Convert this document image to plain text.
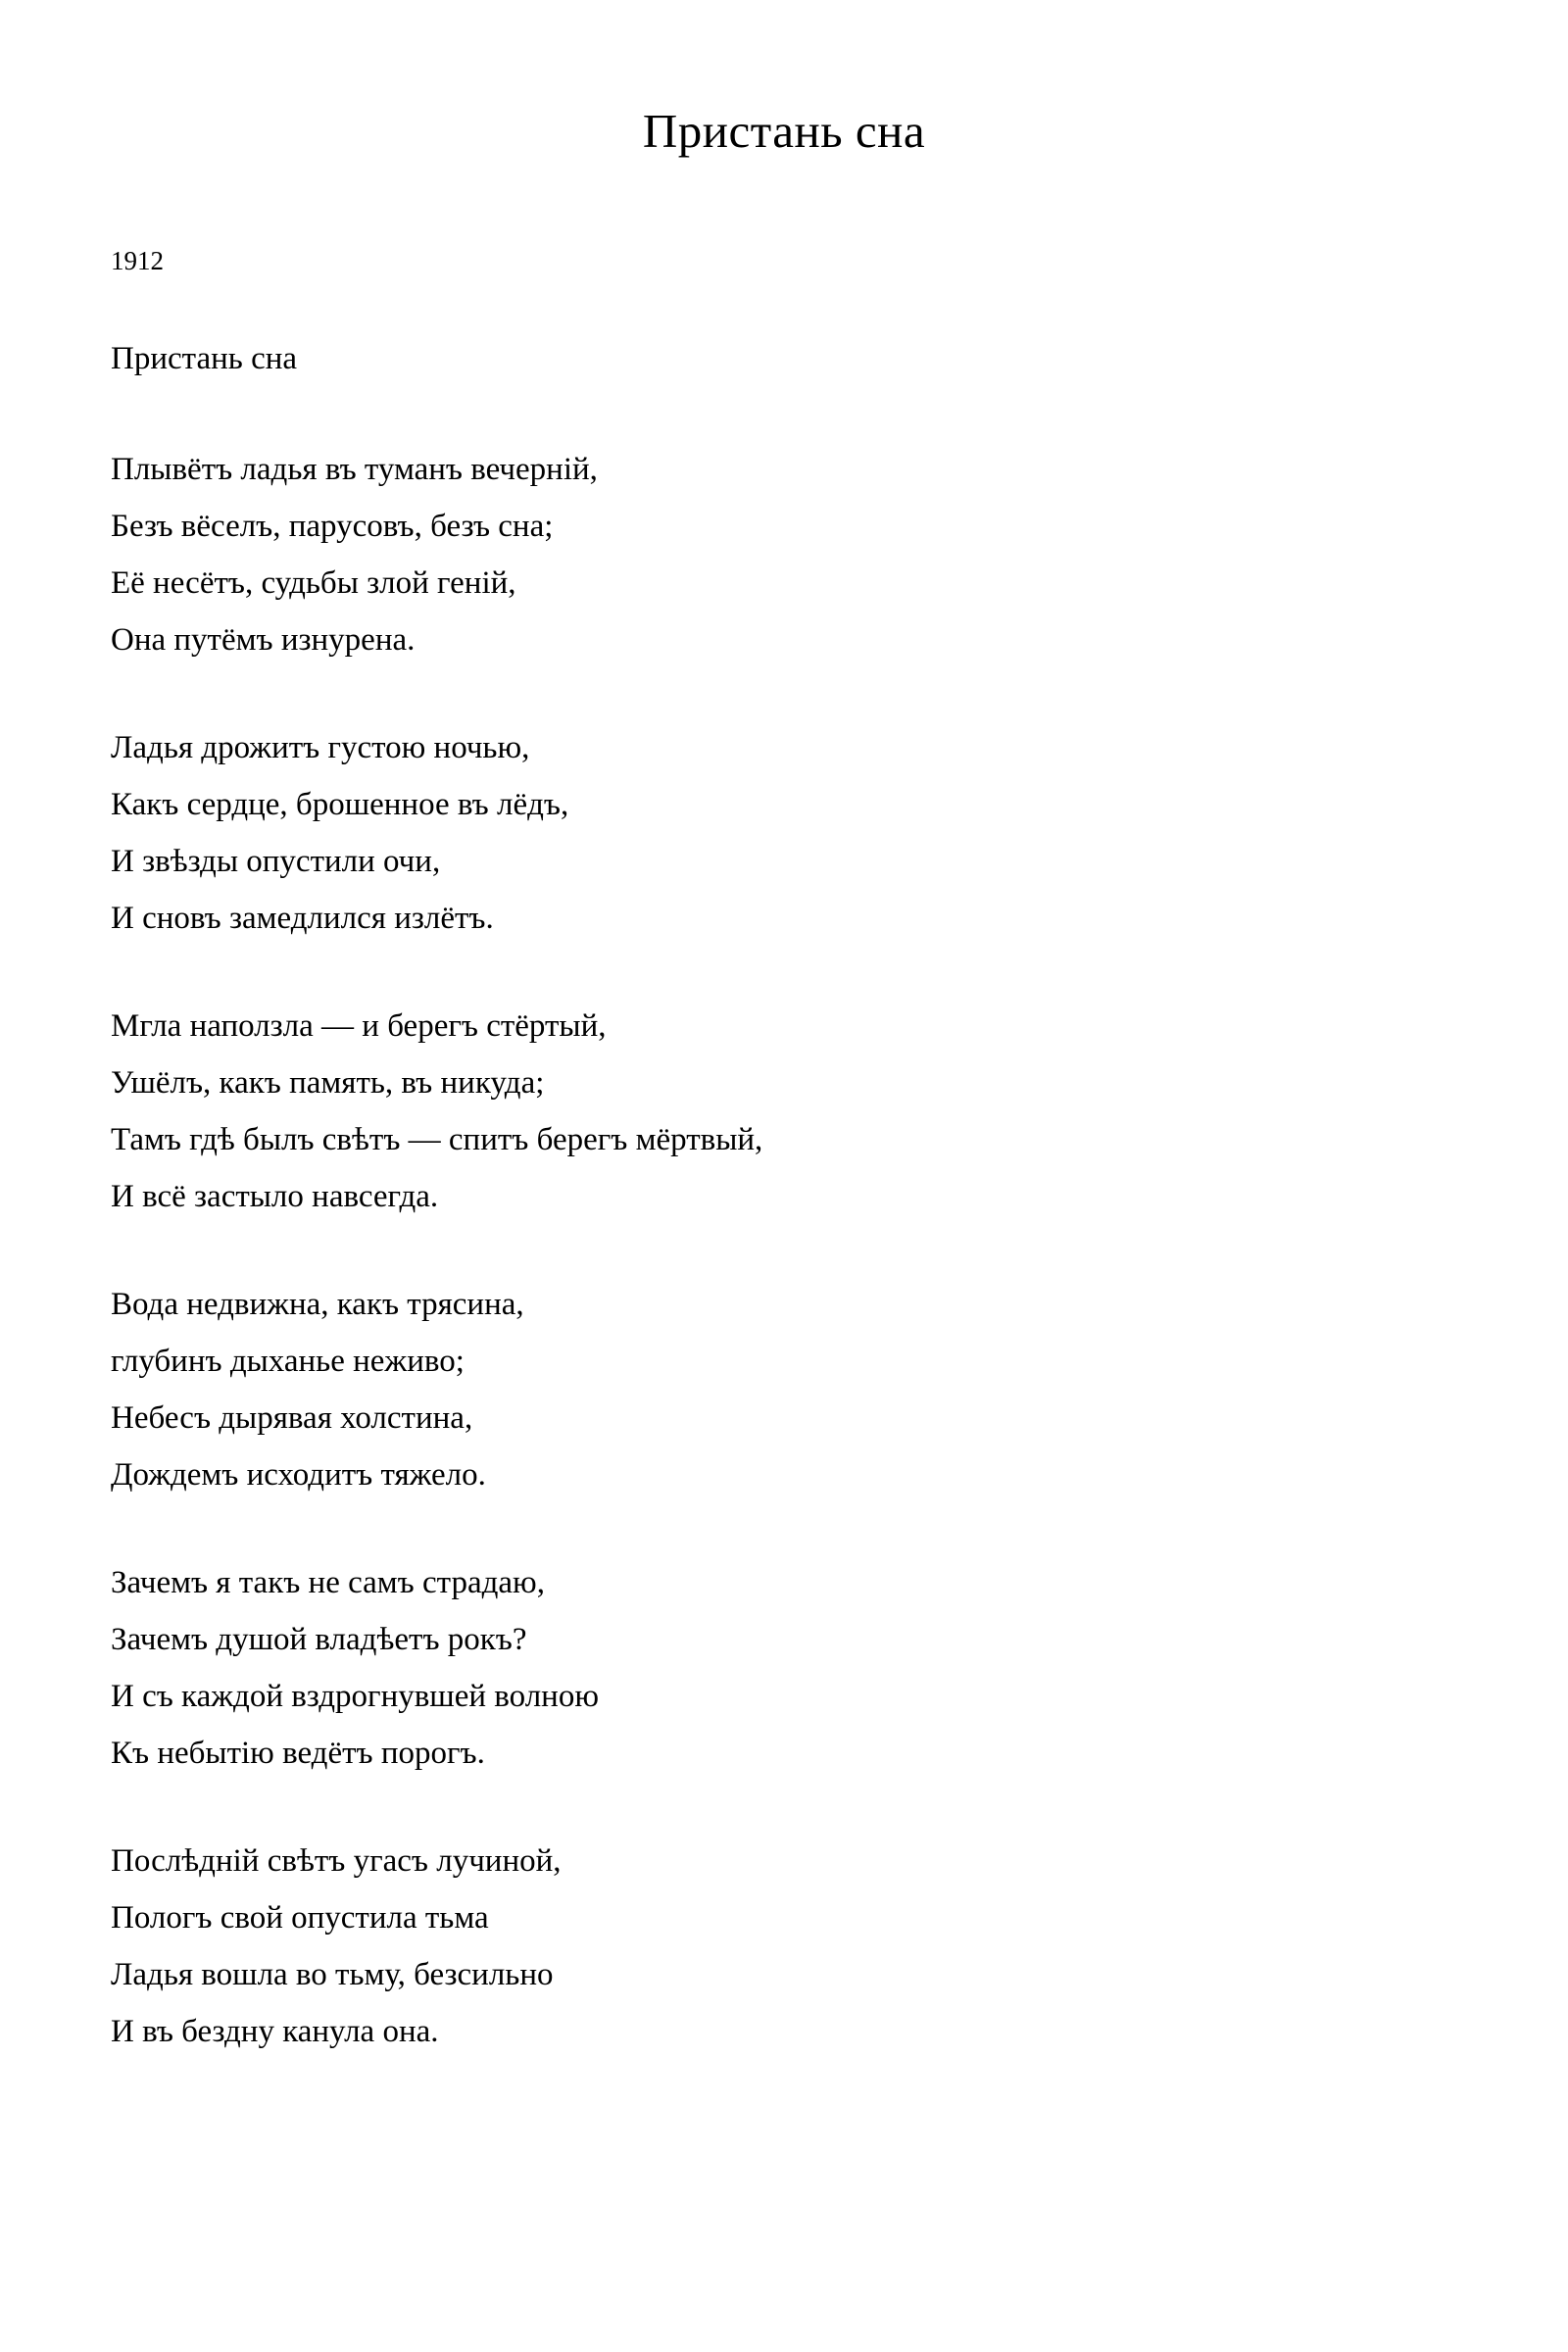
Пристань сна

1912

Пристань сна

Плывётъ ладья въ туманъ вечерній,

Безъ вёселъ, парусовъ, безъ сна;

Её несётъ, судьбы злой геній,

Она путёмъ изнурена.

Ладья дрожитъ густою ночью,

Какъ сердце, брошенное въ лёдъ,

И звѣзды опустили очи,

И сновъ замедлился излётъ.

Мгла наползла — и берегъ стёртый,

Ушёлъ, какъ память, въ никуда;

Тамъ гдѣ былъ свѣтъ — спитъ берегъ мёртвый,

И всё застыло навсегда.

Вода недвижна, какъ трясина,

глубинъ дыханье неживо;

Небесъ дырявая холстина,

Дождемъ исходитъ тяжело.

Зачемъ я такъ не самъ страдаю,

Зачемъ душой владѣетъ рокъ?

И съ каждой вздрогнувшей волною

Къ небытію ведётъ порогъ.

Послѣдній свѣтъ угасъ лучиной,

Пологъ свой опустила тьма

Ладья вошла во тьму, безсильно

И въ бездну канула она.
